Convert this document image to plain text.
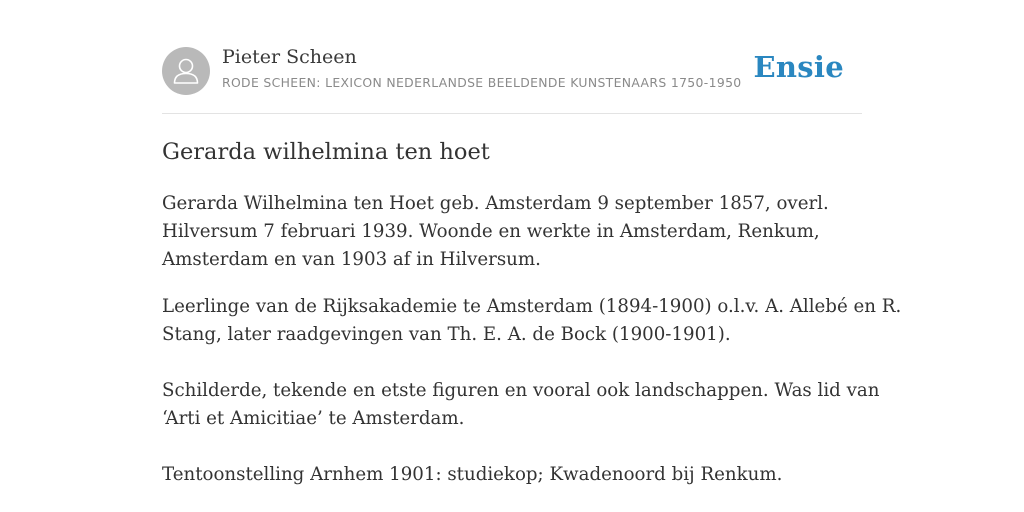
Pieter Scheen
RODE SCHEEN: LEXICON NEDERLANDSE BEELDENDE KUNSTENAARS 1750-1950 Ensie
Gerarda wilhelmina ten hoet

Gerarda Wilhelmina ten Hoet geb. Amsterdam 9 september 1857, overl.
Hilversum 7 februari 1939. Woonde en werkte in Amsterdam, Renkum,
Amsterdam en van 1903 af in Hilversum.

Leerlinge van de Rijksakademie te Amsterdam (1894-1900) o.l.v. A. Allebé en R.
Stang, later raadgevingen van Th. E. A. de Bock (1900-1901).

Schilderde, tekende en etste figuren en vooral ook landschappen. Was lid van
‘Arti et Amicitiae’ te Amsterdam.

Tentoonstelling Arnhem 1901: studiekop; Kwadenoord bij Renkum.
